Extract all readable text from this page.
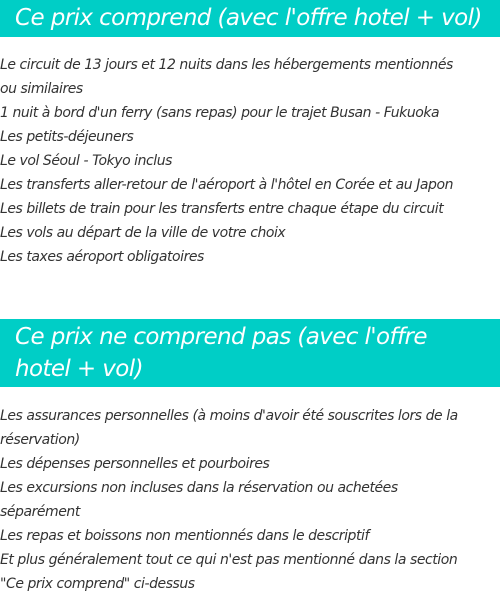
Ce prix comprend (avec l'offre hotel + vol)
Le circuit de 13 jours et 12 nuits dans les hébergements mentionnés ou similaires
1 nuit à bord d'un ferry (sans repas) pour le trajet Busan - Fukuoka
Les petits-déjeuners
Le vol Séoul - Tokyo inclus
Les transferts aller-retour de l'aéroport à l'hôtel en Corée et au Japon
Les billets de train pour les transferts entre chaque étape du circuit
Les vols au départ de la ville de votre choix
Les taxes aéroport obligatoires
Ce prix ne comprend pas (avec l'offre hotel + vol)
Les assurances personnelles (à moins d'avoir été souscrites lors de la réservation)
Les dépenses personnelles et pourboires
Les excursions non incluses dans la réservation ou achetées séparément
Les repas et boissons non mentionnés dans le descriptif
Et plus généralement tout ce qui n'est pas mentionné dans la section "Ce prix comprend" ci-dessus
